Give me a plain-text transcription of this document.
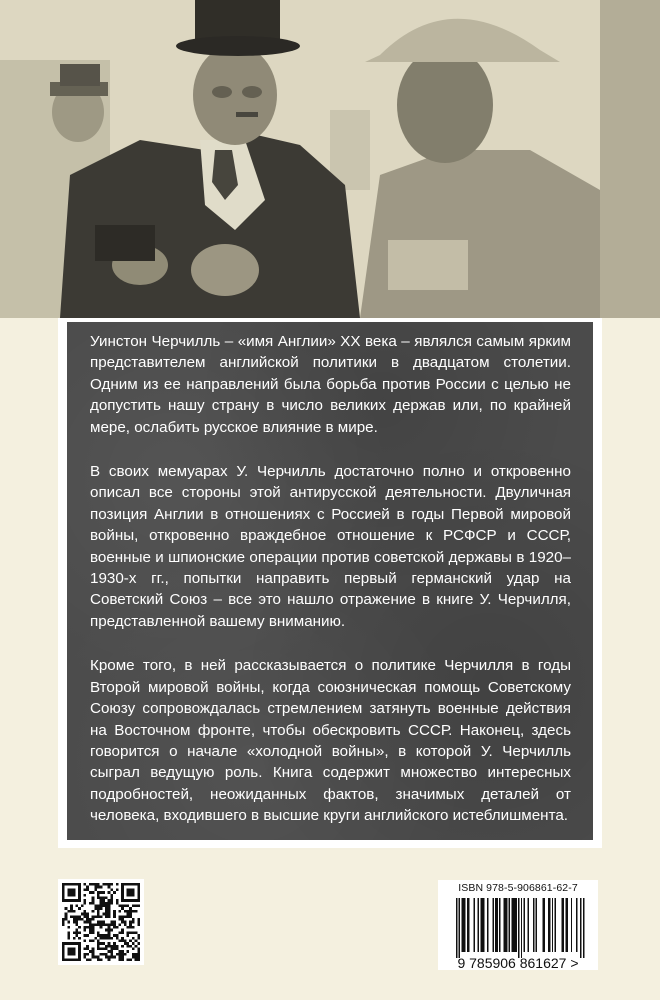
Уинстон Черчилль – «имя Англии» XX века – являлся самым ярким представителем английской политики в двадцатом столетии. Одним из ее направлений была борьба против России с целью не допустить нашу страну в число великих держав или, по крайней мере, ослабить русское влияние в мире.

В своих мемуарах У. Черчилль достаточно полно и откровенно описал все стороны этой антирусской деятельности. Двуличная позиция Англии в отношениях с Россией в годы Первой мировой войны, откровенно враждебное отношение к РСФСР и СССР, военные и шпионские операции против советской державы в 1920–1930-х гг., попытки направить первый германский удар на Советский Союз – все это нашло отражение в книге У. Черчилля, представленной вашему вниманию.

Кроме того, в ней рассказывается о политике Черчилля в годы Второй мировой войны, когда союзническая помощь Советскому Союзу сопровождалась стремлением затянуть военные действия на Восточном фронте, чтобы обескровить СССР. Наконец, здесь говорится о начале «холодной войны», в которой У. Черчилль сыграл ведущую роль. Книга содержит множество интересных подробностей, неожиданных фактов, значимых деталей от человека, входившего в высшие круги английского истеблишмента.

ISBN 978-5-906861-62-7
9 785906 861627 >
